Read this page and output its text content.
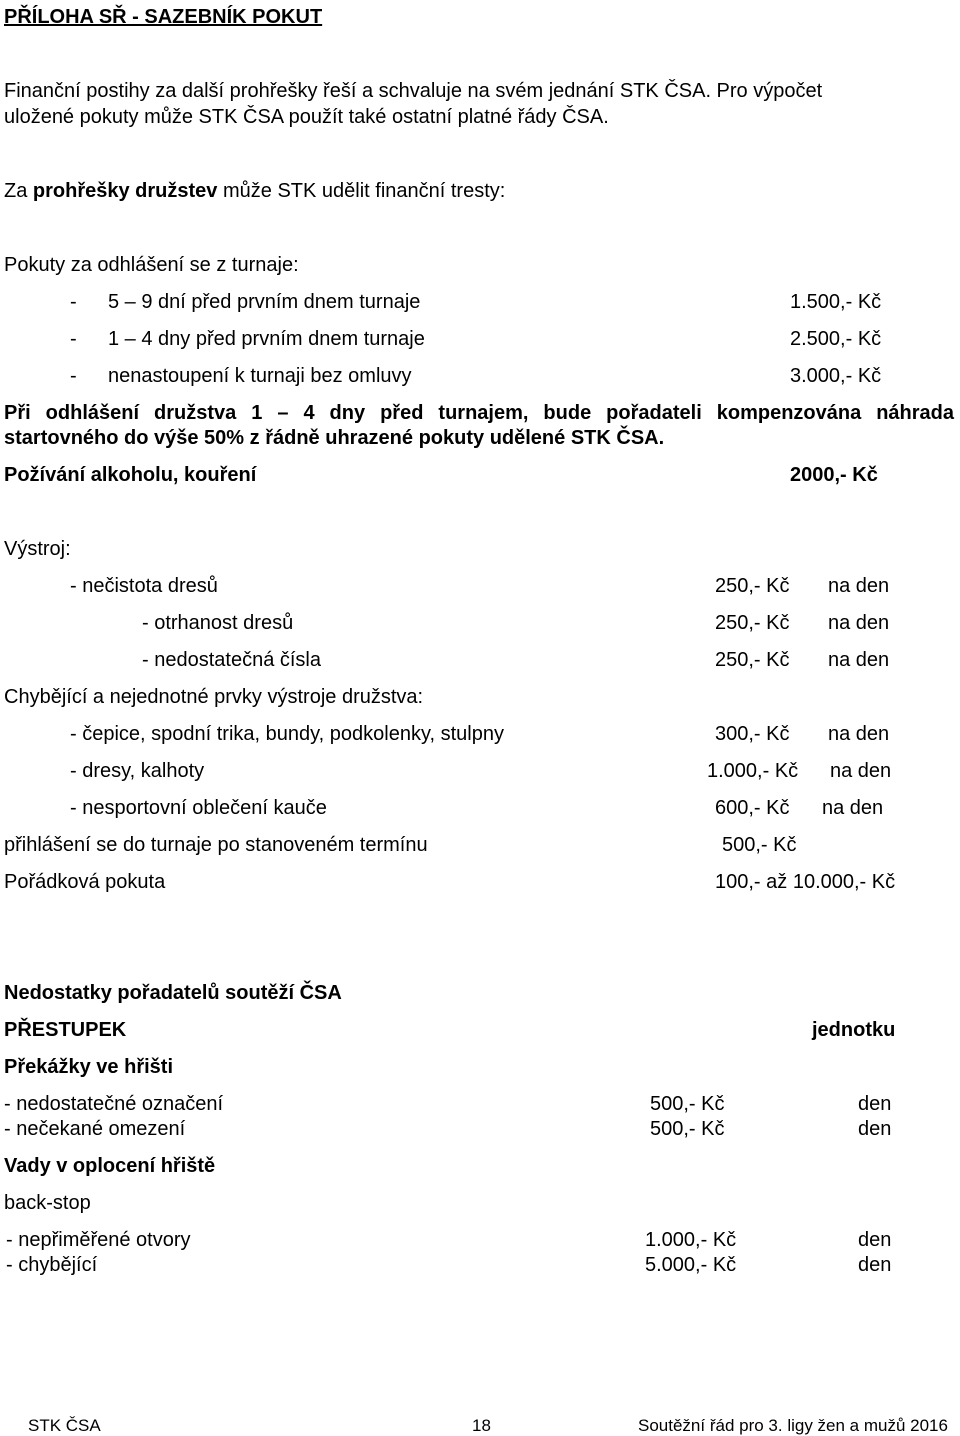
PŘÍLOHA SŘ - SAZEBNÍK POKUT
Finanční postihy za další prohřešky řeší a schvaluje na svém jednání STK ČSA. Pro výpočet
uložené pokuty může STK ČSA použít také ostatní platné řády ČSA.
Za prohřešky družstev může STK udělit finanční tresty:
Pokuty za odhlášení se z turnaje:
- 5 – 9 dní před prvním dnem turnaje	1.500,- Kč
- 1 – 4 dny před prvním dnem turnaje	2.500,- Kč
- nenastoupení k turnaji bez omluvy	3.000,- Kč
Při odhlášení družstva 1 – 4 dny před turnajem, bude pořadateli kompenzována náhrada
startovného do výše 50% z řádně uhrazené pokuty udělené STK ČSA.
Požívání alkoholu, kouření	2000,- Kč
Výstroj:
- nečistota dresů	250,- Kč na den
- otrhanost dresů	250,- Kč na den
- nedostatečná čísla	250,- Kč na den
Chybějící a nejednotné prvky výstroje družstva:
- čepice, spodní trika, bundy, podkolenky, stulpny	300,- Kč na den
- dresy, kalhoty	1.000,- Kč na den
- nesportovní oblečení kauče	600,- Kč na den
přihlášení se do turnaje po stanoveném termínu	500,- Kč
Pořádková pokuta	100,- až 10.000,- Kč
Nedostatky pořadatelů soutěží ČSA
PŘESTUPEK	jednotku
Překážky ve hřišti
- nedostatečné označení	500,- Kč	den
- nečekané omezení	500,- Kč	den
Vady v oplocení hřiště
back-stop
- nepřiměřené otvory	1.000,- Kč	den
- chybějící	5.000,- Kč	den
STK ČSA	18	Soutěžní řád pro 3. ligy žen a mužů 2016
